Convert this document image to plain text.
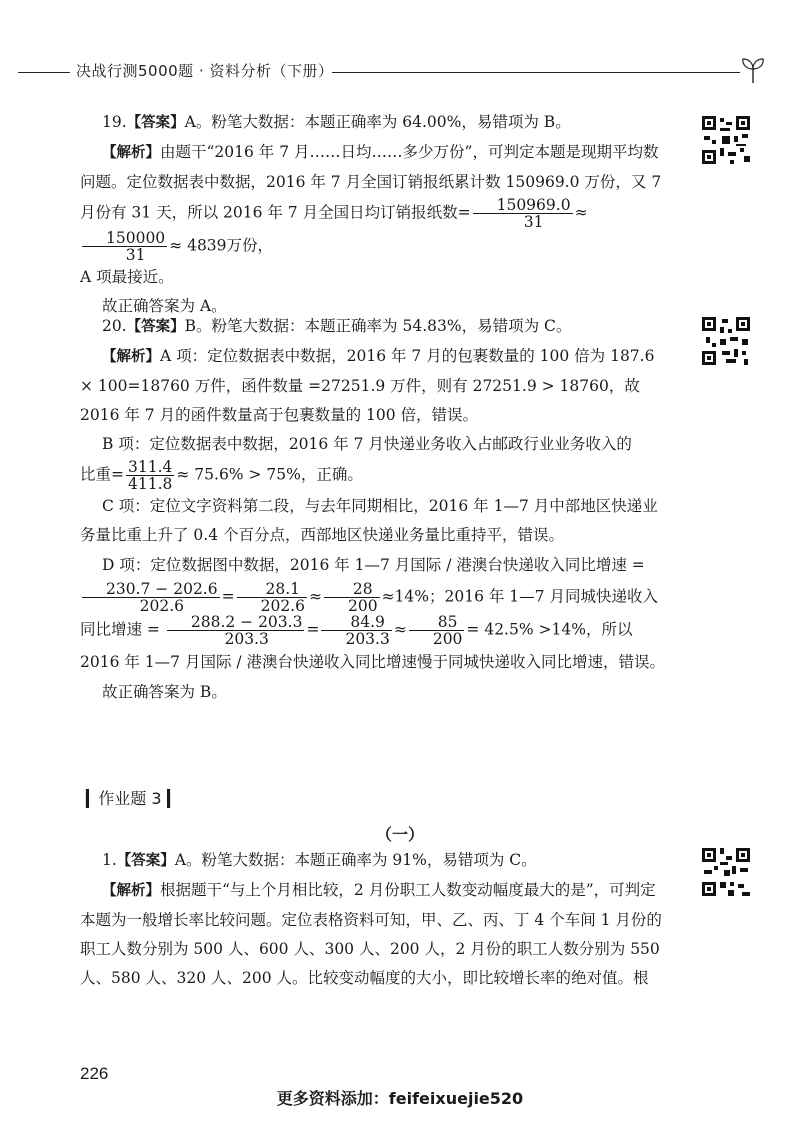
决战行测5000题 · 资料分析（下册）

19.【答案】A。粉笔大数据：本题正确率为 64.00%，易错项为 B。

【解析】由题干“2016 年 7 月……日均……多少万份”，可判定本题是现期平均数问题。定位数据表中数据，2016 年 7 月全国订销报纸累计数 150969.0 万份，又 7 月份有 31 天，所以 2016 年 7 月全国日均订销报纸数= $\frac{150969.0}{31}$ ≈
$\frac{150000}{31} \approx 4839$万份，

A 项最接近。

故正确答案为 A。

20.【答案】B。粉笔大数据：本题正确率为 54.83%，易错项为 C。

【解析】A 项：定位数据表中数据，2016 年 7 月的包裹数量的 100 倍为 187.6 × 100=18760 万件，函件数量 =27251.9 万件，则有 27251.9 > 18760，故 2016 年 7 月的函件数量高于包裹数量的 100 倍，错误。

B 项：定位数据表中数据，2016 年 7 月快递业务收入占邮政行业业务收入的

比重= $\frac{311.4}{411.8} \approx 75.6\% > 75\%$，正确。

C 项：定位文字资料第二段，与去年同期相比，2016 年 1—7 月中部地区快递业务量比重上升了 0.4 个百分点，西部地区快递业务量比重持平，错误。

D 项：定位数据图中数据，2016 年 1—7 月国际 / 港澳台快递收入同比增速 =
$\frac{230.7 - 202.6}{202.6} = \frac{28.1}{202.6} \approx \frac{28}{200} \approx 14\%$；2016 年 1—7 月同城快递收入同比增速 = $\frac{288.2 - 203.3}{203.3} = \frac{84.9}{203.3} \approx \frac{85}{200} = 42.5\% >14\%$，所以 2016 年 1—7 月国际 / 港澳台快递收入同比增速慢于同城快递收入同比增速，错误。

故正确答案为 B。

▎作业题 3 ▎
（一）

1.【答案】A。粉笔大数据：本题正确率为 91%，易错项为 C。

【解析】根据题干“与上个月相比较，2 月份职工人数变动幅度最大的是”，可判定本题为一般增长率比较问题。定位表格资料可知，甲、乙、丙、丁 4 个车间 1 月份的职工人数分别为 500 人、600 人、300 人、200 人，2 月份的职工人数分别为 550 人、580 人、320 人、200 人。比较变动幅度的大小，即比较增长率的绝对值。根

226
更多资料添加：feifeixuejie520
